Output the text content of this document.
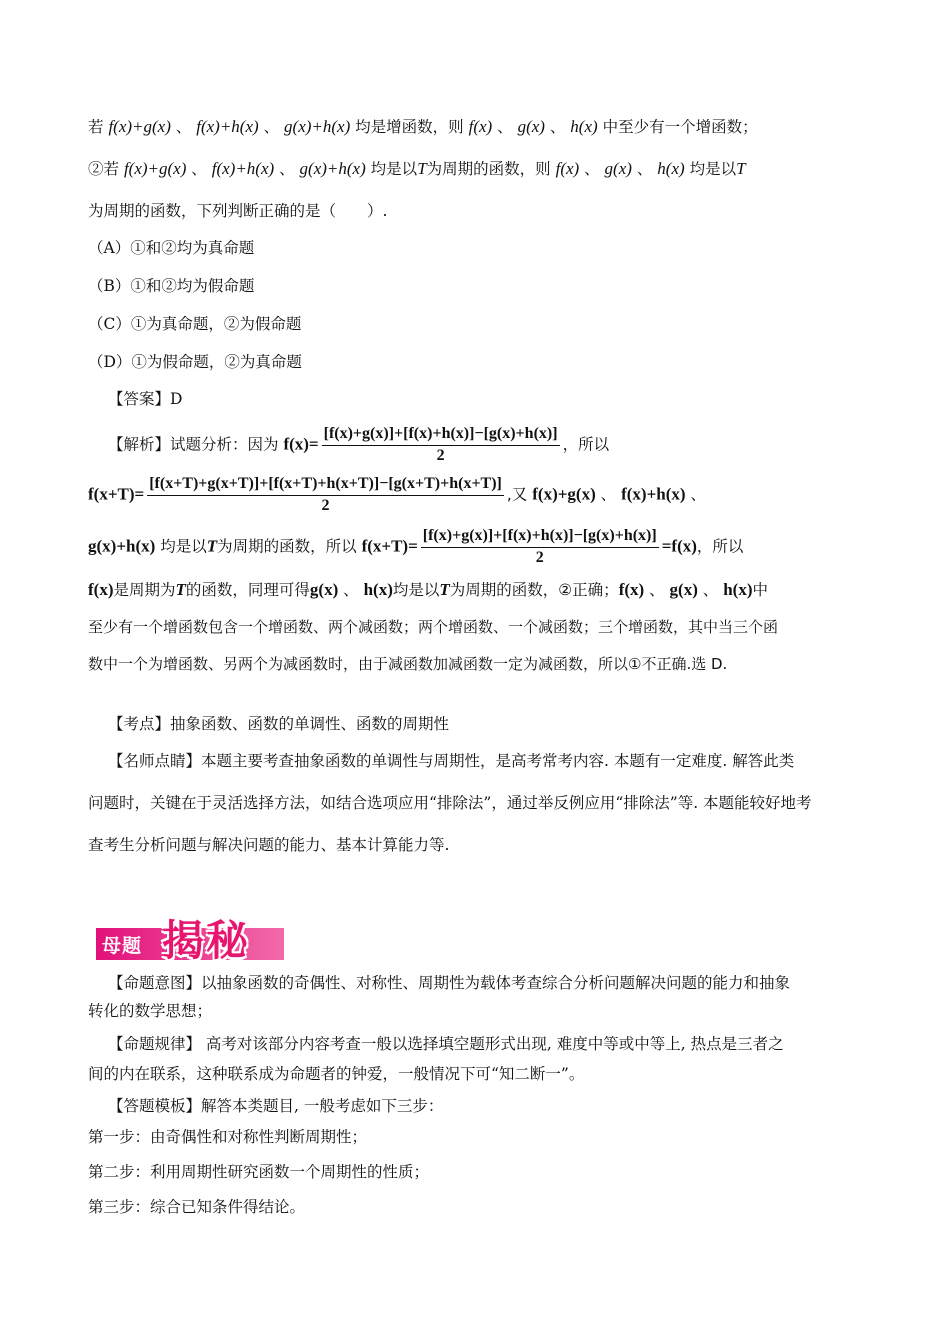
若 f(x)+g(x) 、 f(x)+h(x) 、 g(x)+h(x) 均是增函数，则 f(x) 、 g(x) 、 h(x) 中至少有一个增函数；
②若 f(x)+g(x) 、 f(x)+h(x) 、 g(x)+h(x) 均是以T为周期的函数，则 f(x) 、 g(x) 、 h(x) 均是以T
为周期的函数，下列判断正确的是（　　）.
（A）①和②均为真命题
（B）①和②均为假命题
（C）①为真命题，②为假命题
（D）①为假命题，②为真命题
【答案】D
【解析】试题分析：因为 $f(x)= \frac{[f(x)+g(x)]+[f(x)+h(x)]-[g(x)+h(x)]}{2}$ ，所以
$f(x+T)= \frac{[f(x+T)+g(x+T)]+[f(x+T)+h(x+T)]-[g(x+T)+h(x+T)]}{2}$ ,又 f(x)+g(x) 、 f(x)+h(x) 、
g(x)+h(x) 均是以T为周期的函数，所以 $f(x+T)= \frac{[f(x)+g(x)]+[f(x)+h(x)]-[g(x)+h(x)]}{2} =f(x)$，所以
f(x)是周期为T的函数，同理可得g(x) 、 h(x)均是以T为周期的函数，②正确；f(x) 、 g(x) 、 h(x)中
至少有一个增函数包含一个增函数、两个减函数；两个增函数、一个减函数；三个增函数，其中当三个函
数中一个为增函数、另两个为减函数时，由于减函数加减函数一定为减函数，所以①不正确.选 D.
【考点】抽象函数、函数的单调性、函数的周期性
【名师点睛】本题主要考查抽象函数的单调性与周期性，是高考常考内容. 本题有一定难度. 解答此类
问题时，关键在于灵活选择方法，如结合选项应用“排除法”，通过举反例应用“排除法”等. 本题能较好地考
查考生分析问题与解决问题的能力、基本计算能力等.
母题 揭秘
【命题意图】以抽象函数的奇偶性、对称性、周期性为载体考查综合分析问题解决问题的能力和抽象
转化的数学思想；
【命题规律】 高考对该部分内容考查一般以选择填空题形式出现, 难度中等或中等上, 热点是三者之
间的内在联系，这种联系成为命题者的钟爱，一般情况下可“知二断一”。
【答题模板】解答本类题目, 一般考虑如下三步：
第一步：由奇偶性和对称性判断周期性；
第二步：利用周期性研究函数一个周期性的性质；
第三步：综合已知条件得结论。
